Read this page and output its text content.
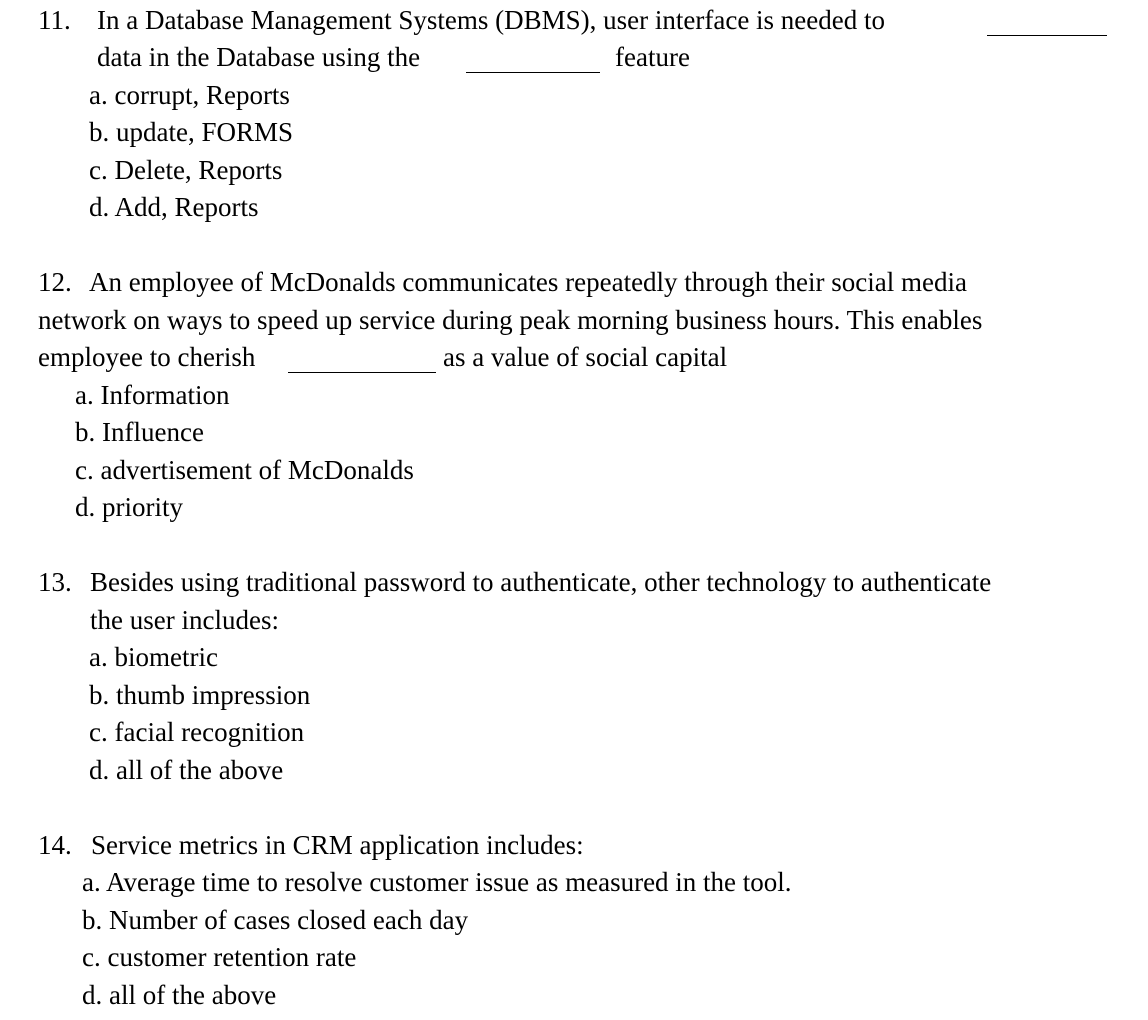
11. In a Database Management Systems (DBMS), user interface is needed to
data in the Database using the	feature
a. corrupt, Reports
b. update, FORMS
c. Delete, Reports
d. Add, Reports
12. An employee of McDonalds communicates repeatedly through their social media
network on ways to speed up service during peak morning business hours. This enables
employee to cherish	as a value of social capital
a. Information
b. Influence
c. advertisement of McDonalds
d. priority
13. Besides using traditional password to authenticate, other technology to authenticate
the user includes:
a. biometric
b. thumb impression
c. facial recognition
d. all of the above
14. Service metrics in CRM application includes:
a. Average time to resolve customer issue as measured in the tool.
b. Number of cases closed each day
c. customer retention rate
d. all of the above
